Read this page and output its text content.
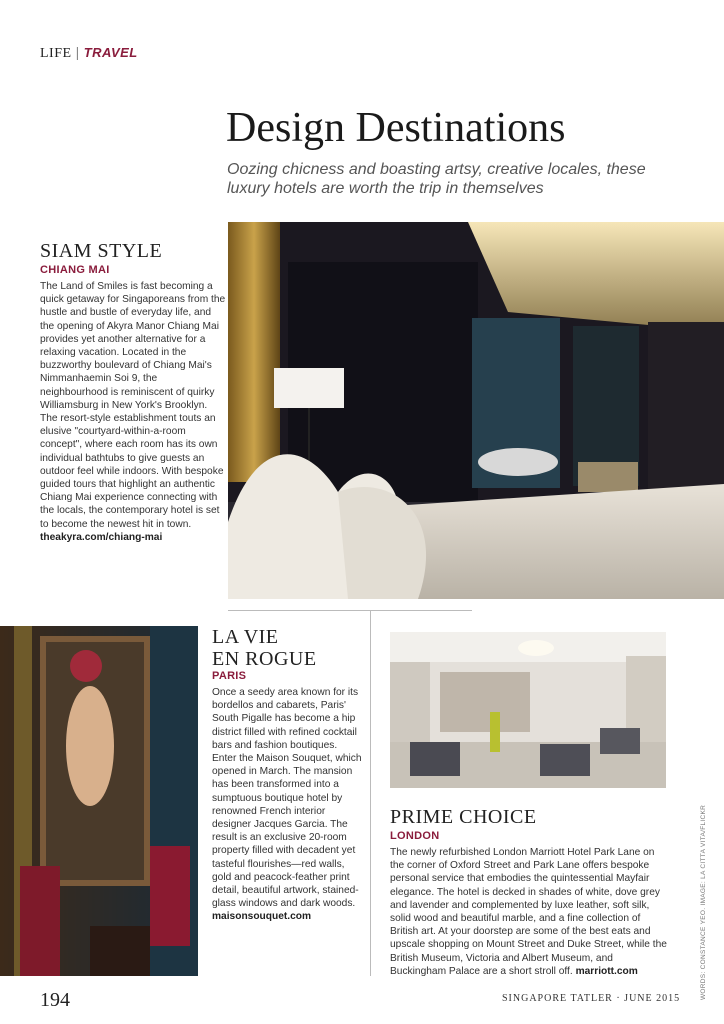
LIFE | TRAVEL
Design Destinations
Oozing chicness and boasting artsy, creative locales, these luxury hotels are worth the trip in themselves
SIAM STYLE
CHIANG MAI
The Land of Smiles is fast becoming a quick getaway for Singaporeans from the hustle and bustle of everyday life, and the opening of Akyra Manor Chiang Mai provides yet another alternative for a relaxing vacation. Located in the buzzworthy boulevard of Chiang Mai's Nimmanhaemin Soi 9, the neighbourhood is reminiscent of quirky Williamsburg in New York's Brooklyn. The resort-style establishment touts an elusive "courtyard-within-a-room concept", where each room has its own individual bathtubs to give guests an outdoor feel while indoors. With bespoke guided tours that highlight an authentic Chiang Mai experience connecting with the locals, the contemporary hotel is set to become the newest hit in town. theakyra.com/chiang-mai
LA VIE
EN ROGUE
PARIS
Once a seedy area known for its bordellos and cabarets, Paris' South Pigalle has become a hip district filled with refined cocktail bars and fashion boutiques. Enter the Maison Souquet, which opened in March. The mansion has been transformed into a sumptuous boutique hotel by renowned French interior designer Jacques Garcia. The result is an exclusive 20-room property filled with decadent yet tasteful flourishes—red walls, gold and peacock-feather print detail, beautiful artwork, stained-glass windows and dark woods. maisonsouquet.com
PRIME CHOICE
LONDON
The newly refurbished London Marriott Hotel Park Lane on the corner of Oxford Street and Park Lane offers bespoke personal service that embodies the quintessential Mayfair elegance. The hotel is decked in shades of white, dove grey and lavender and complemented by luxe leather, soft silk, solid wood and beautiful marble, and a fine collection of British art. At your doorstep are some of the best eats and upscale shopping on Mount Street and Duke Street, while the British Museum, Victoria and Albert Museum, and Buckingham Palace are a short stroll off. marriott.com	WORDS: CONSTANCE YEO. IMAGE: LA CITTA VITA/FLICKR
194	SINGAPORE TATLER · JUNE 2015
